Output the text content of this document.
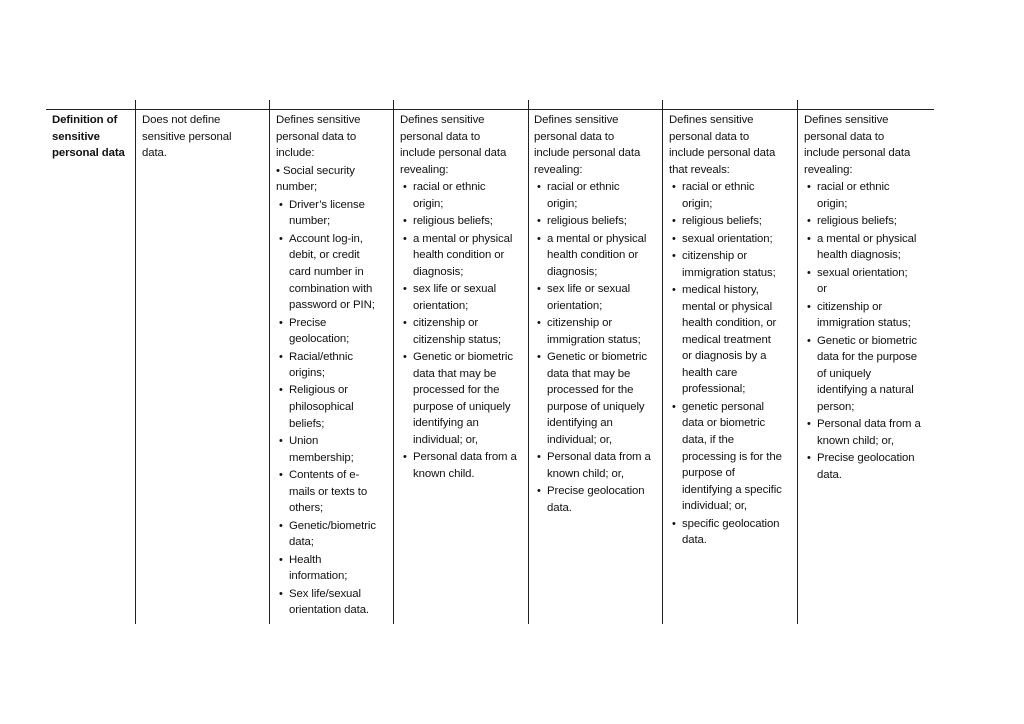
Definition of
sensitive
personal data
Does not define
sensitive personal
data.
Defines sensitive
personal data to
include:
• Social security
number;
• Driver’s license
number;
• Account log-in,
debit, or credit
card number in
combination with
password or PIN;
• Precise
geolocation;
• Racial/ethnic
origins;
• Religious or
philosophical
beliefs;
• Union
membership;
• Contents of e-
mails or texts to
others;
• Genetic/biometric
data;
• Health
information;
• Sex life/sexual
orientation data.
Defines sensitive
personal data to
include personal data
revealing:
• racial or ethnic
origin;
• religious beliefs;
• a mental or physical
health condition or
diagnosis;
• sex life or sexual
orientation;
• citizenship or
citizenship status;
• Genetic or biometric
data that may be
processed for the
purpose of uniquely
identifying an
individual; or,
• Personal data from a
known child.
Defines sensitive
personal data to
include personal data
revealing:
• racial or ethnic
origin;
• religious beliefs;
• a mental or physical
health condition or
diagnosis;
• sex life or sexual
orientation;
• citizenship or
immigration status;
• Genetic or biometric
data that may be
processed for the
purpose of uniquely
identifying an
individual; or,
• Personal data from a
known child; or,
• Precise geolocation
data.
Defines sensitive
personal data to
include personal data
that reveals:
• racial or ethnic
origin;
• religious beliefs;
• sexual orientation;
• citizenship or
immigration status;
• medical history,
mental or physical
health condition, or
medical treatment
or diagnosis by a
health care
professional;
• genetic personal
data or biometric
data, if the
processing is for the
purpose of
identifying a specific
individual; or,
• specific geolocation
data.
Defines sensitive
personal data to
include personal data
revealing:
• racial or ethnic
origin;
• religious beliefs;
• a mental or physical
health diagnosis;
• sexual orientation;
or
• citizenship or
immigration status;
• Genetic or biometric
data for the purpose
of uniquely
identifying a natural
person;
• Personal data from a
known child; or,
• Precise geolocation
data.
